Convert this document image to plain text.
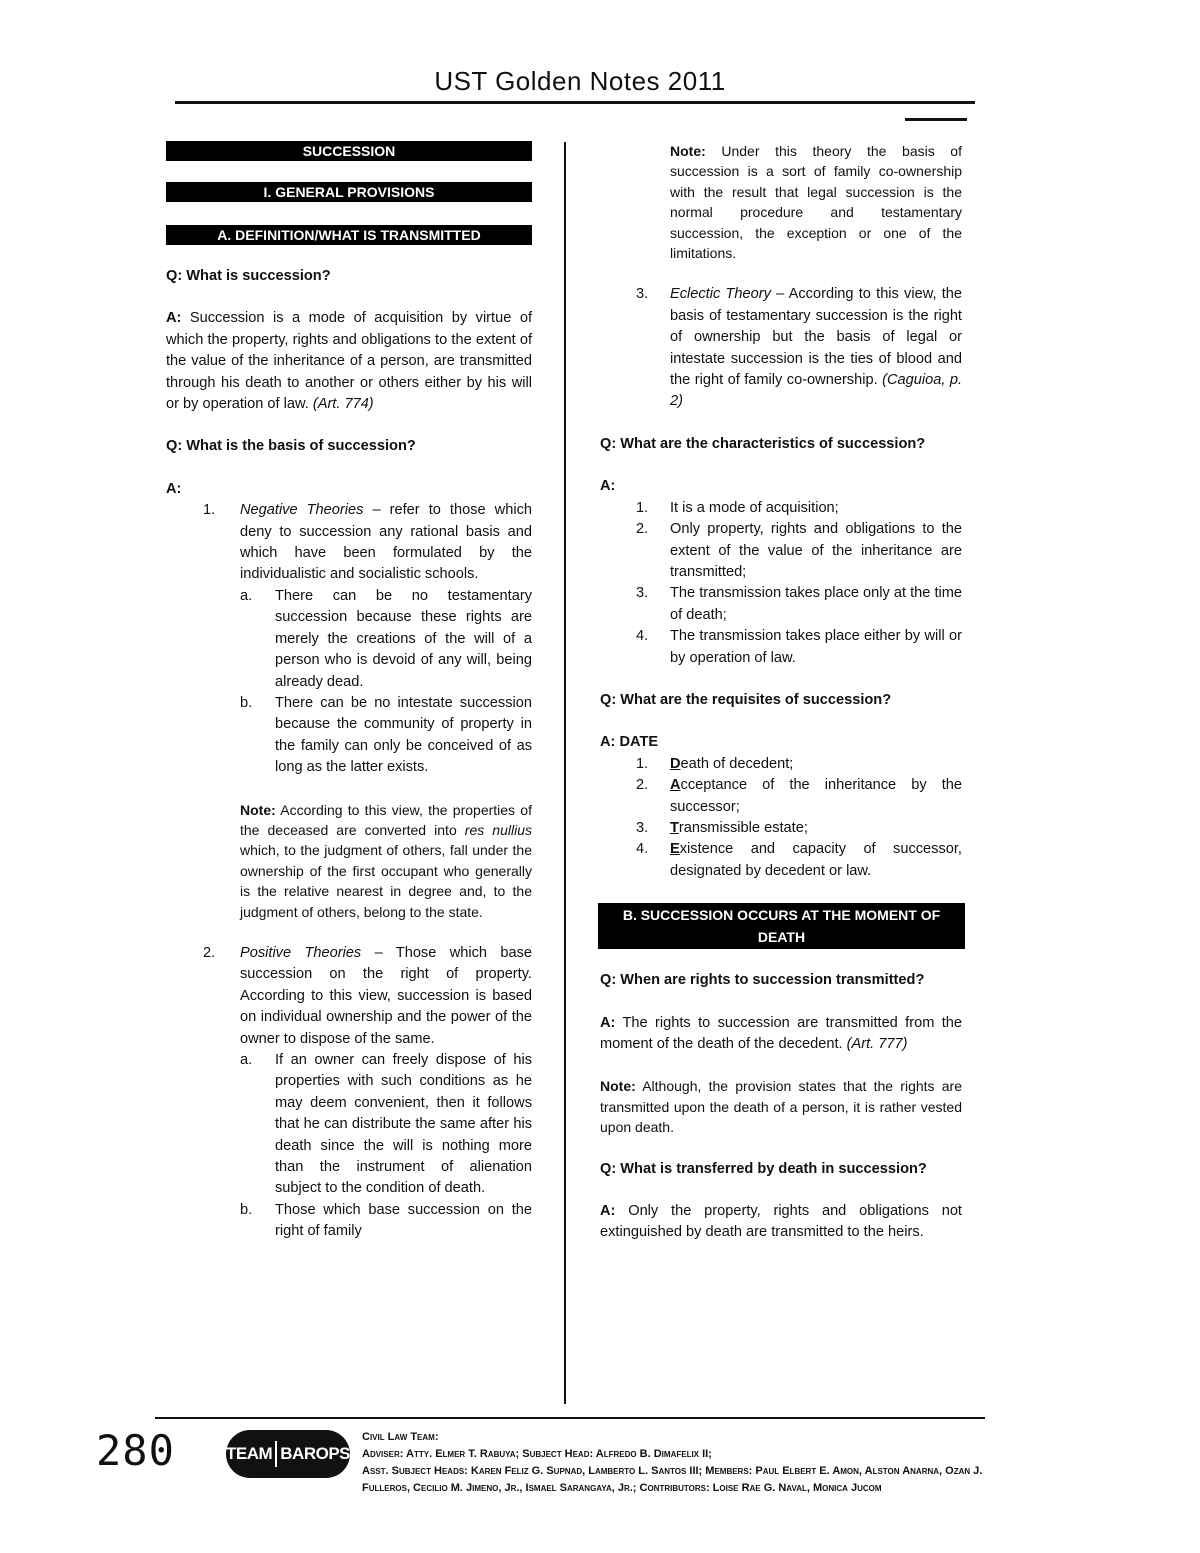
UST Golden Notes 2011
SUCCESSION
I. GENERAL PROVISIONS
A. DEFINITION/WHAT IS TRANSMITTED

Q: What is succession?

A: Succession is a mode of acquisition by virtue of which the property, rights and obligations to the extent of the value of the inheritance of a person, are transmitted through his death to another or others either by his will or by operation of law. (Art. 774)

Q: What is the basis of succession?

A:

1. Negative Theories – refer to those which deny to succession any rational basis and which have been formulated by the individualistic and socialistic schools.
a. There can be no testamentary succession because these rights are merely the creations of the will of a person who is devoid of any will, being already dead.
b. There can be no intestate succession because the community of property in the family can only be conceived of as long as the latter exists.

Note: According to this view, the properties of the deceased are converted into res nullius which, to the judgment of others, fall under the ownership of the first occupant who generally is the relative nearest in degree and, to the judgment of others, belong to the state.

2. Positive Theories – Those which base succession on the right of property. According to this view, succession is based on individual ownership and the power of the owner to dispose of the same.
a. If an owner can freely dispose of his properties with such conditions as he may deem convenient, then it follows that he can distribute the same after his death since the will is nothing more than the instrument of alienation subject to the condition of death.
b. Those which base succession on the right of family

Note: Under this theory the basis of succession is a sort of family co-ownership with the result that legal succession is the normal procedure and testamentary succession, the exception or one of the limitations.

3. Eclectic Theory – According to this view, the basis of testamentary succession is the right of ownership but the basis of legal or intestate succession is the ties of blood and the right of family co-ownership. (Caguioa, p. 2)

Q: What are the characteristics of succession?

A:

1. It is a mode of acquisition;
2. Only property, rights and obligations to the extent of the value of the inheritance are transmitted;
3. The transmission takes place only at the time of death;
4. The transmission takes place either by will or by operation of law.

Q: What are the requisites of succession?

A: DATE

1. Death of decedent;
2. Acceptance of the inheritance by the successor;
3. Transmissible estate;
4. Existence and capacity of successor, designated by decedent or law.
B. SUCCESSION OCCURS AT THE MOMENT OF
DEATH

Q: When are rights to succession transmitted?

A: The rights to succession are transmitted from the moment of the death of the decedent. (Art. 777)

Note: Although, the provision states that the rights are transmitted upon the death of a person, it is rather vested upon death.

Q: What is transferred by death in succession?

A: Only the property, rights and obligations not extinguished by death are transmitted to the heirs.

280	TEAM BAROPS
Civil Law Team:
Adviser: Atty. Elmer T. Rabuya; Subject Head: Alfredo B. Dimafelix II;
Asst. Subject Heads: Karen Feliz G. Supnad, Lamberto L. Santos III; Members: Paul Elbert E. Amon, Alston Anarna, Ozan J.
Fulleros, Cecilio M. Jimeno, Jr., Ismael Sarangaya, Jr.; Contributors: Loise Rae G. Naval, Monica Jucom
